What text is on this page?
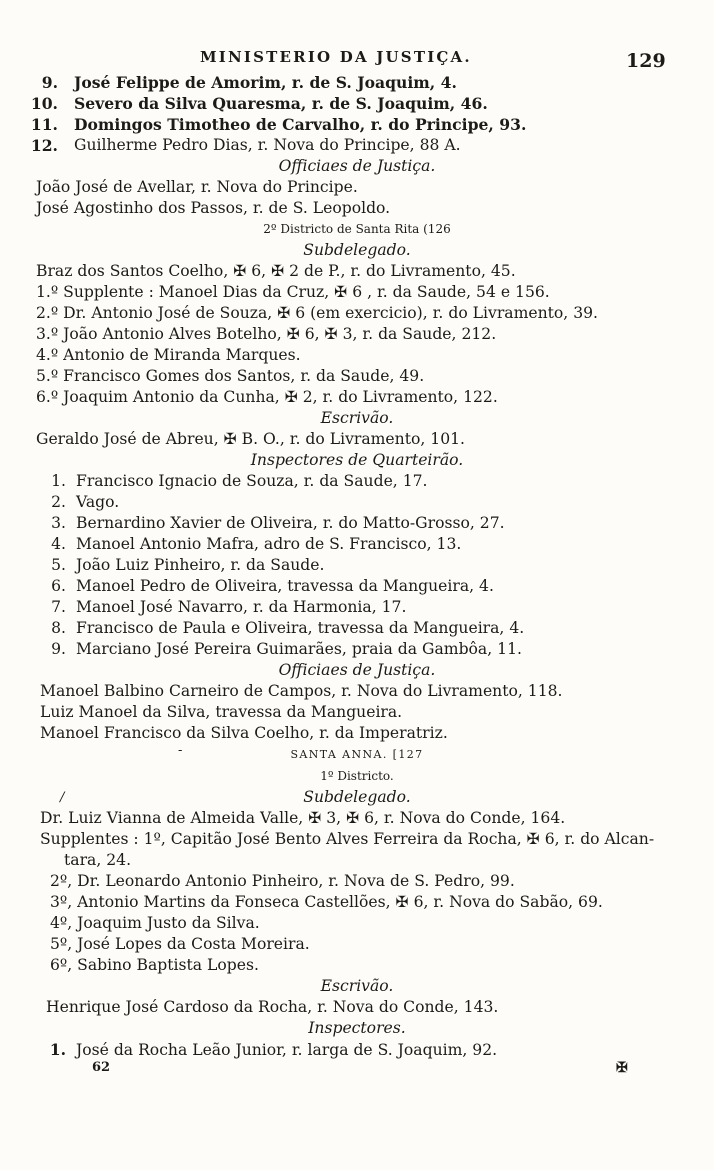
MINISTERIO DA JUSTIÇA.	129
9. José Felippe de Amorim, r. de S. Joaquim, 4.
10. Severo da Silva Quaresma, r. de S. Joaquim, 46.
11. Domingos Timotheo de Carvalho, r. do Principe, 93.
12. Guilherme Pedro Dias, r. Nova do Principe, 88 A.
Officiaes de Justiça.
João José de Avellar, r. Nova do Principe.
José Agostinho dos Passos, r. de S. Leopoldo.
2º Districto de Santa Rita (126
Subdelegado.
Braz dos Santos Coelho, ✠ 6, ✠ 2 de P., r. do Livramento, 45.
1.º Supplente : Manoel Dias da Cruz, ✠ 6 , r. da Saude, 54 e 156.
2.º Dr. Antonio José de Souza, ✠ 6 (em exercicio), r. do Livramento, 39.
3.º João Antonio Alves Botelho, ✠ 6, ✠ 3, r. da Saude, 212.
4.º Antonio de Miranda Marques.
5.º Francisco Gomes dos Santos, r. da Saude, 49.
6.º Joaquim Antonio da Cunha, ✠ 2, r. do Livramento, 122.
Escrivão.
Geraldo José de Abreu, ✠ B. O., r. do Livramento, 101.
Inspectores de Quarteirão.
1. Francisco Ignacio de Souza, r. da Saude, 17.
2. Vago.
3. Bernardino Xavier de Oliveira, r. do Matto-Grosso, 27.
4. Manoel Antonio Mafra, adro de S. Francisco, 13.
5. João Luiz Pinheiro, r. da Saude.
6. Manoel Pedro de Oliveira, travessa da Mangueira, 4.
7. Manoel José Navarro, r. da Harmonia, 17.
8. Francisco de Paula e Oliveira, travessa da Mangueira, 4.
9. Marciano José Pereira Guimarães, praia da Gambôa, 11.
Officiaes de Justiça.
Manoel Balbino Carneiro de Campos, r. Nova do Livramento, 118.
Luiz Manoel da Silva, travessa da Mangueira.
Manoel Francisco da Silva Coelho, r. da Imperatriz.
-	SANTA ANNA. [127
1º Districto.
/	Subdelegado.
Dr. Luiz Vianna de Almeida Valle, ✠ 3, ✠ 6, r. Nova do Conde, 164.
Supplentes : 1º, Capitão José Bento Alves Ferreira da Rocha, ✠ 6, r. do Alcan-
tara, 24.
2º, Dr. Leonardo Antonio Pinheiro, r. Nova de S. Pedro, 99.
3º, Antonio Martins da Fonseca Castellões, ✠ 6, r. Nova do Sabão, 69.
4º, Joaquim Justo da Silva.
5º, José Lopes da Costa Moreira.
6º, Sabino Baptista Lopes.
Escrivão.
Henrique José Cardoso da Rocha, r. Nova do Conde, 143.
Inspectores.
1. José da Rocha Leão Junior, r. larga de S. Joaquim, 92.
62	✠
